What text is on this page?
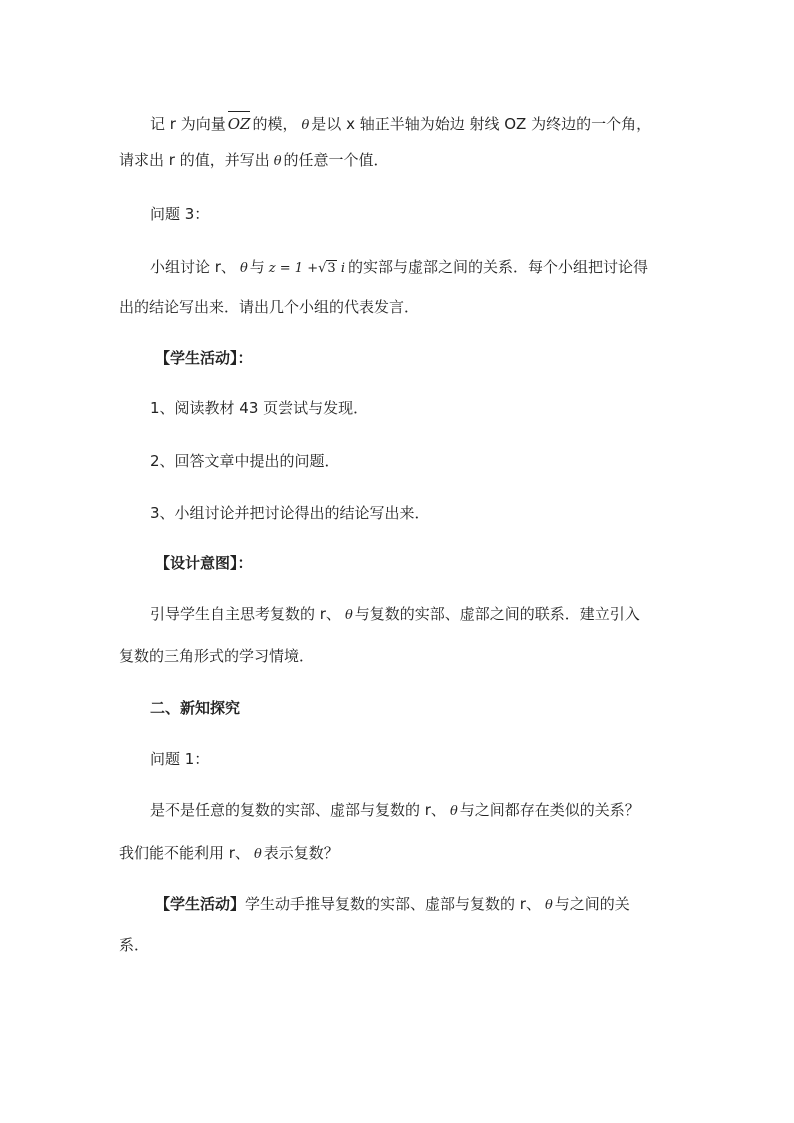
记 r 为向量 OZ 的模， θ 是以 x 轴正半轴为始边 射线 OZ 为终边的一个角，
请求出 r 的值，并写出 θ 的任意一个值．
问题 3：
小组讨论 r、 θ 与 z = 1 +√3 i 的实部与虚部之间的关系．每个小组把讨论得
出的结论写出来．请出几个小组的代表发言．
【学生活动】：
1、阅读教材 43 页尝试与发现．
2、回答文章中提出的问题．
3、小组讨论并把讨论得出的结论写出来．
【设计意图】：
引导学生自主思考复数的 r、 θ 与复数的实部、虚部之间的联系．建立引入
复数的三角形式的学习情境．
二、新知探究
问题 1：
是不是任意的复数的实部、虚部与复数的 r、 θ 与之间都存在类似的关系？
我们能不能利用 r、 θ 表示复数？
【学生活动】学生动手推导复数的实部、虚部与复数的 r、 θ 与之间的关
系．
